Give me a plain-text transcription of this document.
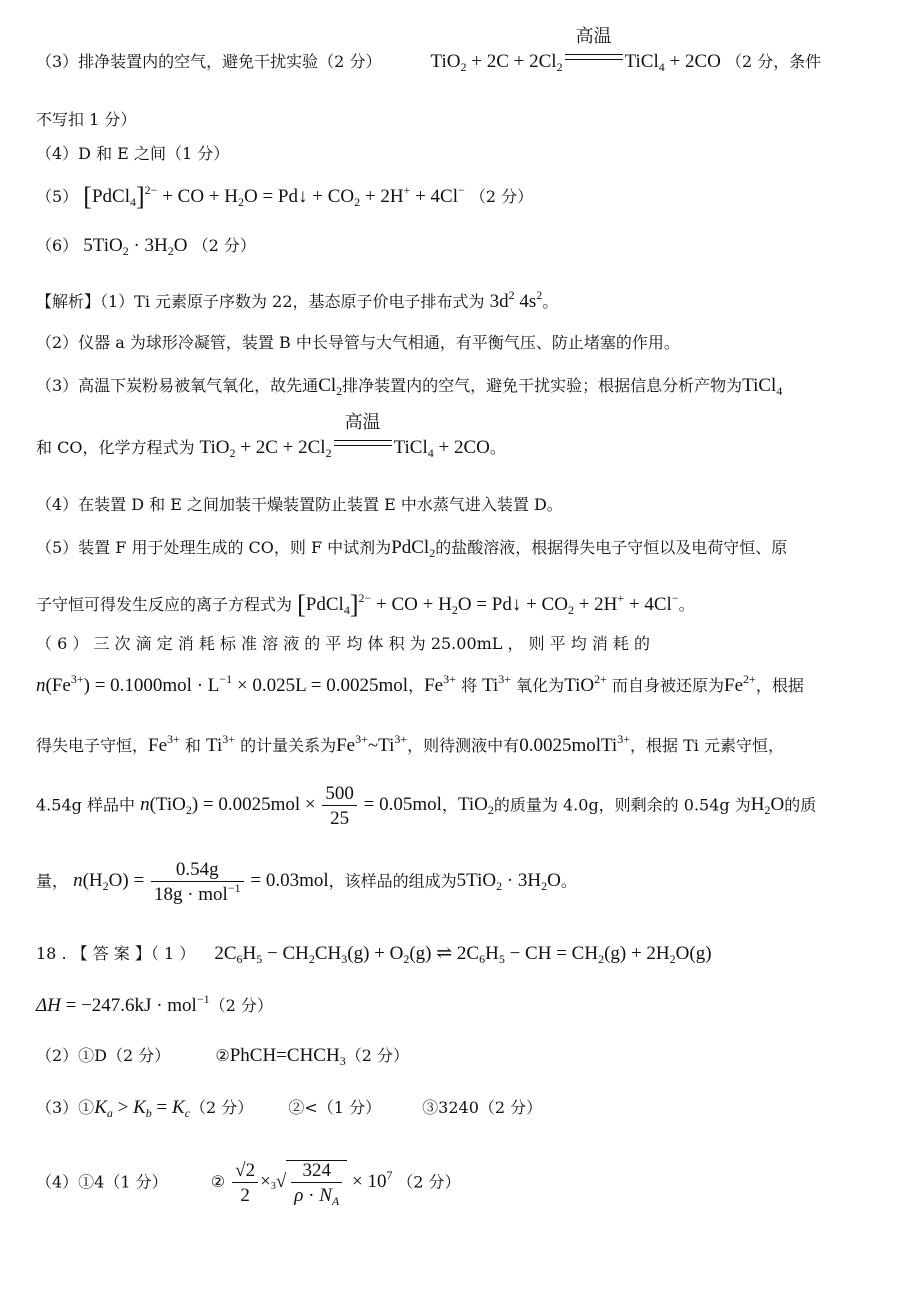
（3）排净装置内的空气，避免干扰实验（2 分）	$TiO_2 + 2C + 2Cl_2$
高温
TiCl$_4$ + 2CO （2 分，条件
不写扣 1 分）
（4）D 和 E 之间（1 分）
（5） [PdCl$_4$]$^{2-}$ + CO + $H_2O$ = Pd↓ + $CO_2 + 2H^+ + 4Cl^-$ （2 分）
（6） $5TiO_2 \cdot 3H_2O$ （2 分）
【解析】（1）Ti 元素原子序数为 22，基态原子价电子排布式为 $3d^2$ $4s^2$。
（2）仪器 a 为球形冷凝管，装置 B 中长导管与大气相通，有平衡气压、防止堵塞的作用。
（3）高温下炭粉易被氧气氧化，故先通$Cl_2$排净装置内的空气，避免干扰实验；根据信息分析产物为TiCl$_4$
和 CO，化学方程式为 $TiO_2 + 2C + 2Cl_2$
高温
TiCl$_4$ + 2CO。
（4）在装置 D 和 E 之间加装干燥装置防止装置 E 中水蒸气进入装置 D。
（5）装置 F 用于处理生成的 CO，则 F 中试剂为PdCl$_2$的盐酸溶液，根据得失电子守恒以及电荷守恒、原
子守恒可得发生反应的离子方程式为 [PdCl$_4$]$^{2-}$ + CO + $H_2O$ = Pd↓ + $CO_2 + 2H^+ + 4Cl^-$。
（ 6 ） 三 次 滴 定 消 耗 标 准 溶 液 的 平 均 体 积 为 25.00mL ， 则 平 均 消 耗 的
$n(Fe^{3+}) = 0.1000mol \cdot L^{-1} \times 0.025L = 0.0025mol$，$Fe^{3+}$ 将 $Ti^{3+}$ 氧化为TiO$^{2+}$ 而自身被还原为$Fe^{2+}$，根据
得失电子守恒，$Fe^{3+}$ 和 $Ti^{3+}$ 的计量关系为$Fe^{3+}\sim Ti^{3+}$，则待测液中有0.0025molTi$^{3+}$，根据 Ti 元素守恒，
4.54g 样品中 $n(TiO_2) = 0.0025mol \times \frac{500}{25} = 0.05mol$，TiO$_2$的质量为 4.0g，则剩余的 0.54g 为$H_2O$的质
量， $n(H_2O) = \frac{0.54g}{18g \cdot mol^{-1}} = 0.03mol$，该样品的组成为$5TiO_2 \cdot 3H_2O$。
18 . 【 答 案 】（ 1 ） $2C_6H_5 - CH_2CH_3(g) + O_2(g)$ ⇌ $2C_6H_5$ − CH = $CH_2(g) + 2H_2O(g)$
ΔH = −247.6kJ · mol$^{-1}$（2 分）
（2）①D（2 分）	$②PhCH=CHCH_3(2$ 分）
$(3)①K_a > K_b = K_c(2$ 分） ②<（1 分）	③3240（2 分）
（4）①4（1 分）	② $\frac{√2}{2} \times^3√ \frac{324}{\rho \cdot N_A} \times 10^7$ （2 分）
